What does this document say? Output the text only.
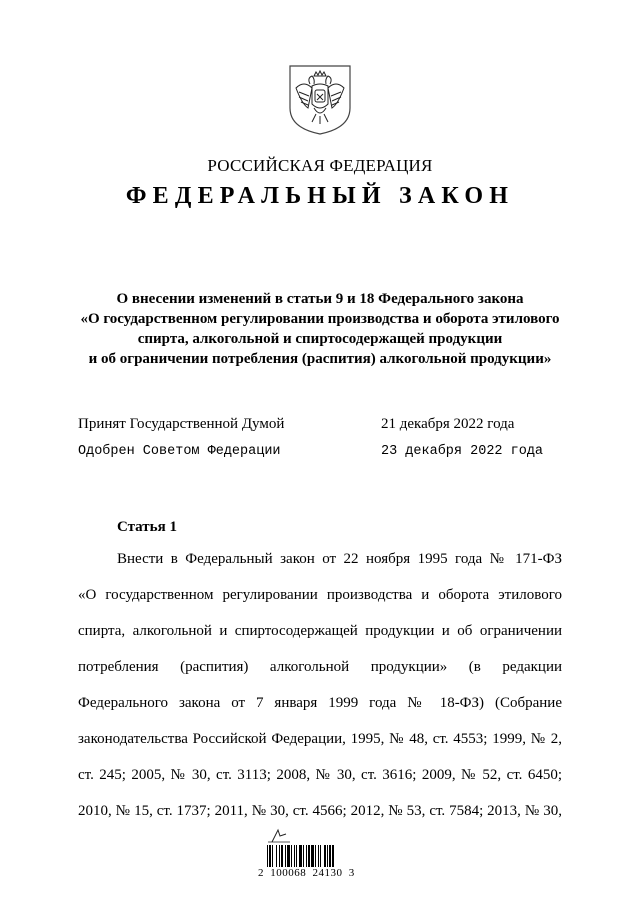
РОССИЙСКАЯ ФЕДЕРАЦИЯ
ФЕДЕРАЛЬНЫЙ ЗАКОН
О внесении изменений в статьи 9 и 18 Федерального закона
«О государственном регулировании производства и оборота этилового
спирта, алкогольной и спиртосодержащей продукции
и об ограничении потребления (распития) алкогольной продукции»
Принят Государственной Думой	21 декабря 2022 года
Одобрен Советом Федерации	23 декабря 2022 года
Статья 1
Внести в Федеральный закон от 22 ноября 1995 года № 171-ФЗ
«О государственном регулировании производства и оборота этилового
спирта, алкогольной и спиртосодержащей продукции и об ограничении
потребления (распития) алкогольной продукции» (в редакции
Федерального закона от 7 января 1999 года № 18-ФЗ) (Собрание
законодательства Российской Федерации, 1995, № 48, ст. 4553; 1999, № 2,
ст. 245; 2005, № 30, ст. 3113; 2008, № 30, ст. 3616; 2009, № 52, ст. 6450;
2010, № 15, ст. 1737; 2011, № 30, ст. 4566; 2012, № 53, ст. 7584; 2013, № 30,
2 100068 24130 3
